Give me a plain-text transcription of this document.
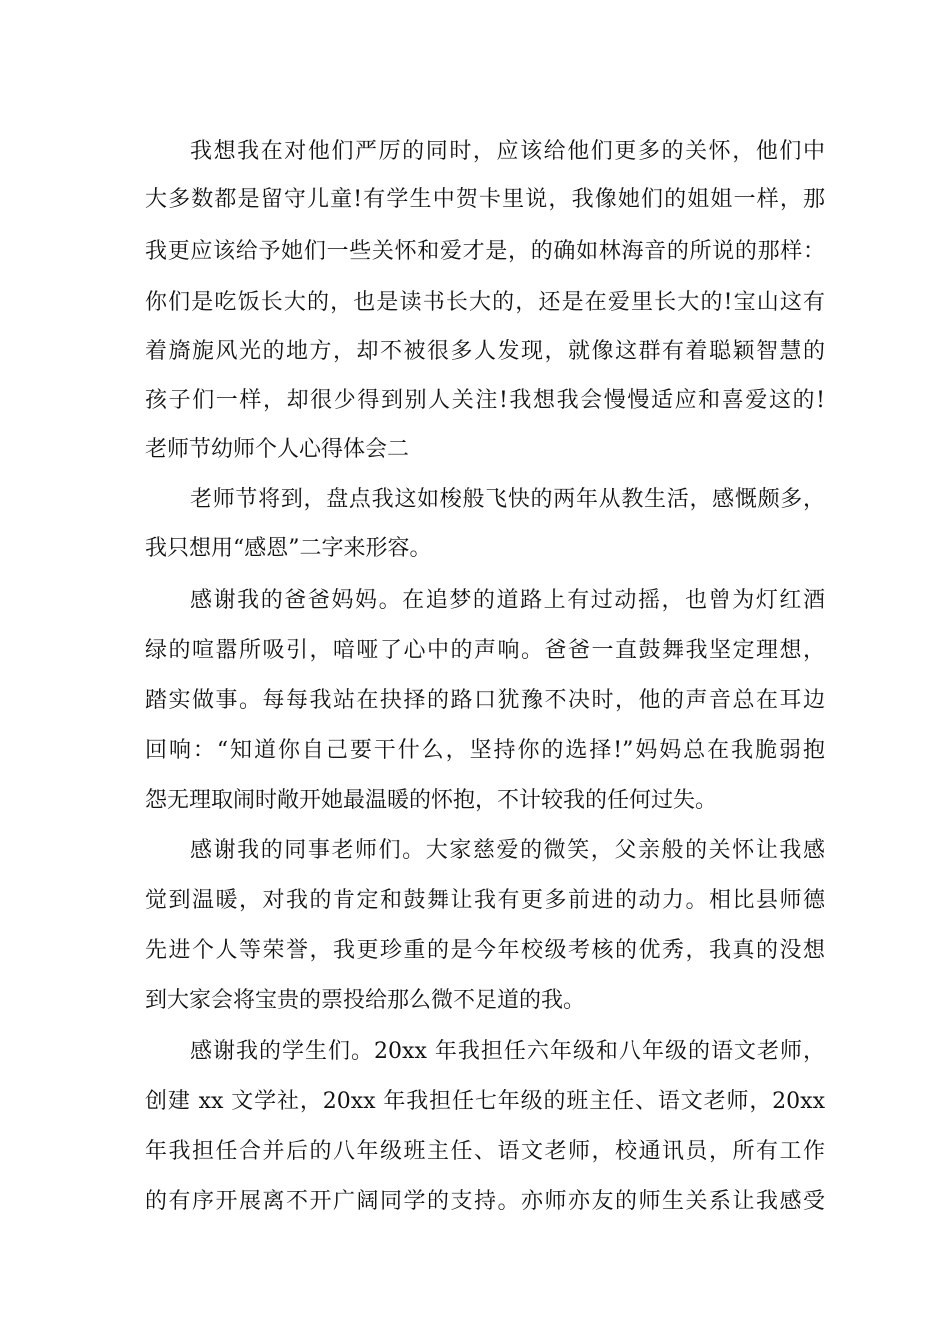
我想我在对他们严厉的同时，应该给他们更多的关怀，他们中
大多数都是留守儿童!有学生中贺卡里说，我像她们的姐姐一样，那
我更应该给予她们一些关怀和爱才是，的确如林海音的所说的那样：
你们是吃饭长大的，也是读书长大的，还是在爱里长大的!宝山这有
着旖旎风光的地方，却不被很多人发现，就像这群有着聪颖智慧的
孩子们一样，却很少得到别人关注!我想我会慢慢适应和喜爱这的!
老师节幼师个人心得体会二
老师节将到，盘点我这如梭般飞快的两年从教生活，感慨颇多，
我只想用“感恩”二字来形容。
感谢我的爸爸妈妈。在追梦的道路上有过动摇，也曾为灯红酒
绿的喧嚣所吸引，喑哑了心中的声响。爸爸一直鼓舞我坚定理想，
踏实做事。每每我站在抉择的路口犹豫不决时，他的声音总在耳边
回响：“知道你自己要干什么，坚持你的选择!”妈妈总在我脆弱抱
怨无理取闹时敞开她最温暖的怀抱，不计较我的任何过失。
感谢我的同事老师们。大家慈爱的微笑，父亲般的关怀让我感
觉到温暖，对我的肯定和鼓舞让我有更多前进的动力。相比县师德
先进个人等荣誉，我更珍重的是今年校级考核的优秀，我真的没想
到大家会将宝贵的票投给那么微不足道的我。
感谢我的学生们。20xx 年我担任六年级和八年级的语文老师，
创建 xx 文学社，20xx 年我担任七年级的班主任、语文老师，20xx
年我担任合并后的八年级班主任、语文老师，校通讯员，所有工作
的有序开展离不开广阔同学的支持。亦师亦友的师生关系让我感受
